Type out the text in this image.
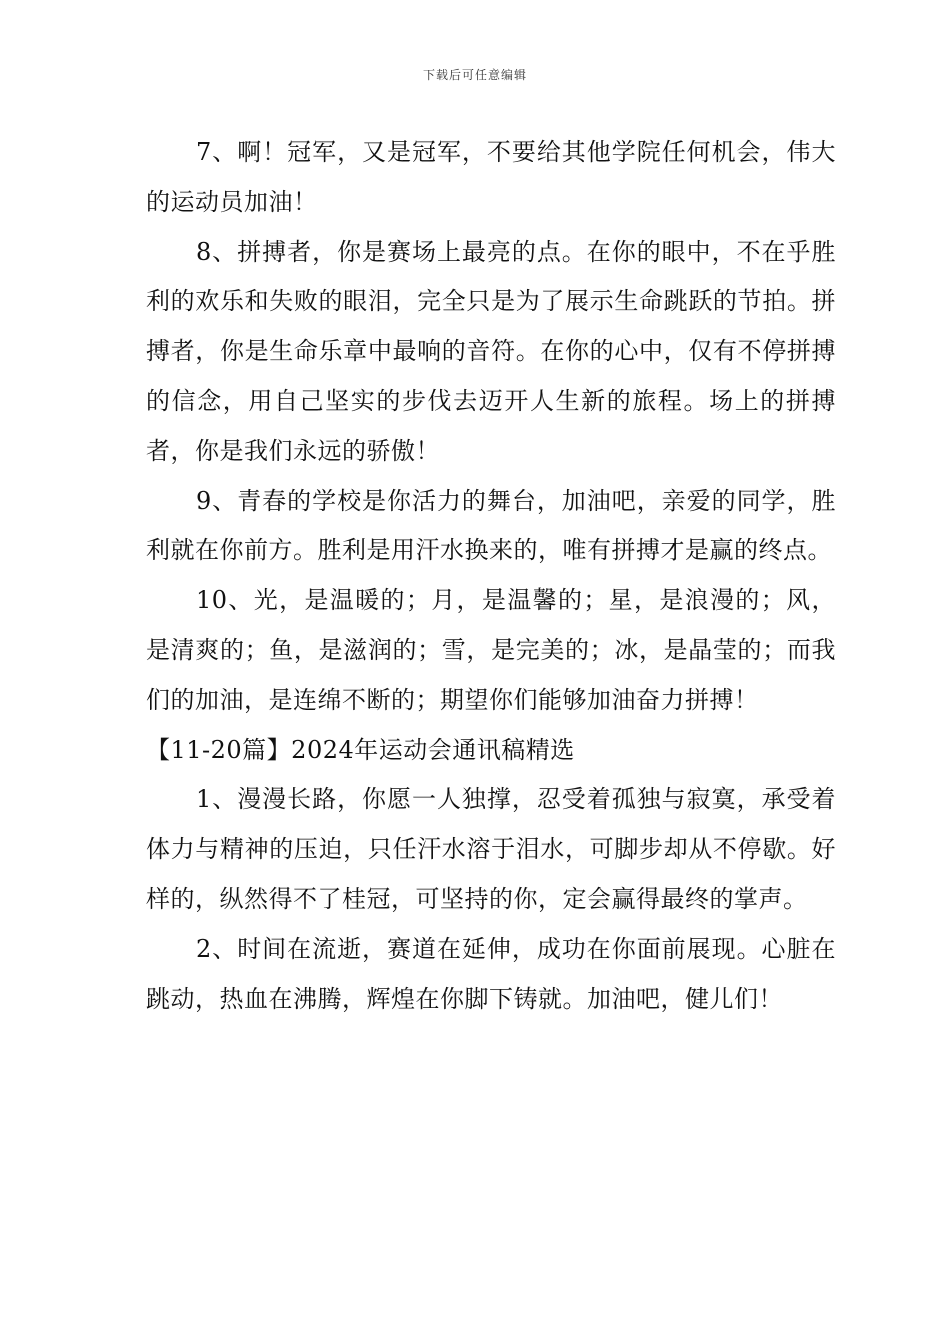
下载后可任意编辑

7、啊！冠军，又是冠军，不要给其他学院任何机会，伟大的运动员加油！

8、拼搏者，你是赛场上最亮的点。在你的眼中，不在乎胜利的欢乐和失败的眼泪，完全只是为了展示生命跳跃的节拍。拼搏者，你是生命乐章中最响的音符。在你的心中，仅有不停拼搏的信念，用自己坚实的步伐去迈开人生新的旅程。场上的拼搏者，你是我们永远的骄傲！

9、青春的学校是你活力的舞台，加油吧，亲爱的同学，胜利就在你前方。胜利是用汗水换来的，唯有拼搏才是赢的终点。

10、光，是温暖的；月，是温馨的；星，是浪漫的；风，是清爽的；鱼，是滋润的；雪，是完美的；冰，是晶莹的；而我们的加油，是连绵不断的；期望你们能够加油奋力拼搏！

【11-20篇】2024年运动会通讯稿精选

1、漫漫长路，你愿一人独撑，忍受着孤独与寂寞，承受着体力与精神的压迫，只任汗水溶于泪水，可脚步却从不停歇。好样的，纵然得不了桂冠，可坚持的你，定会赢得最终的掌声。

2、时间在流逝，赛道在延伸，成功在你面前展现。心脏在跳动，热血在沸腾，辉煌在你脚下铸就。加油吧，健儿们！
